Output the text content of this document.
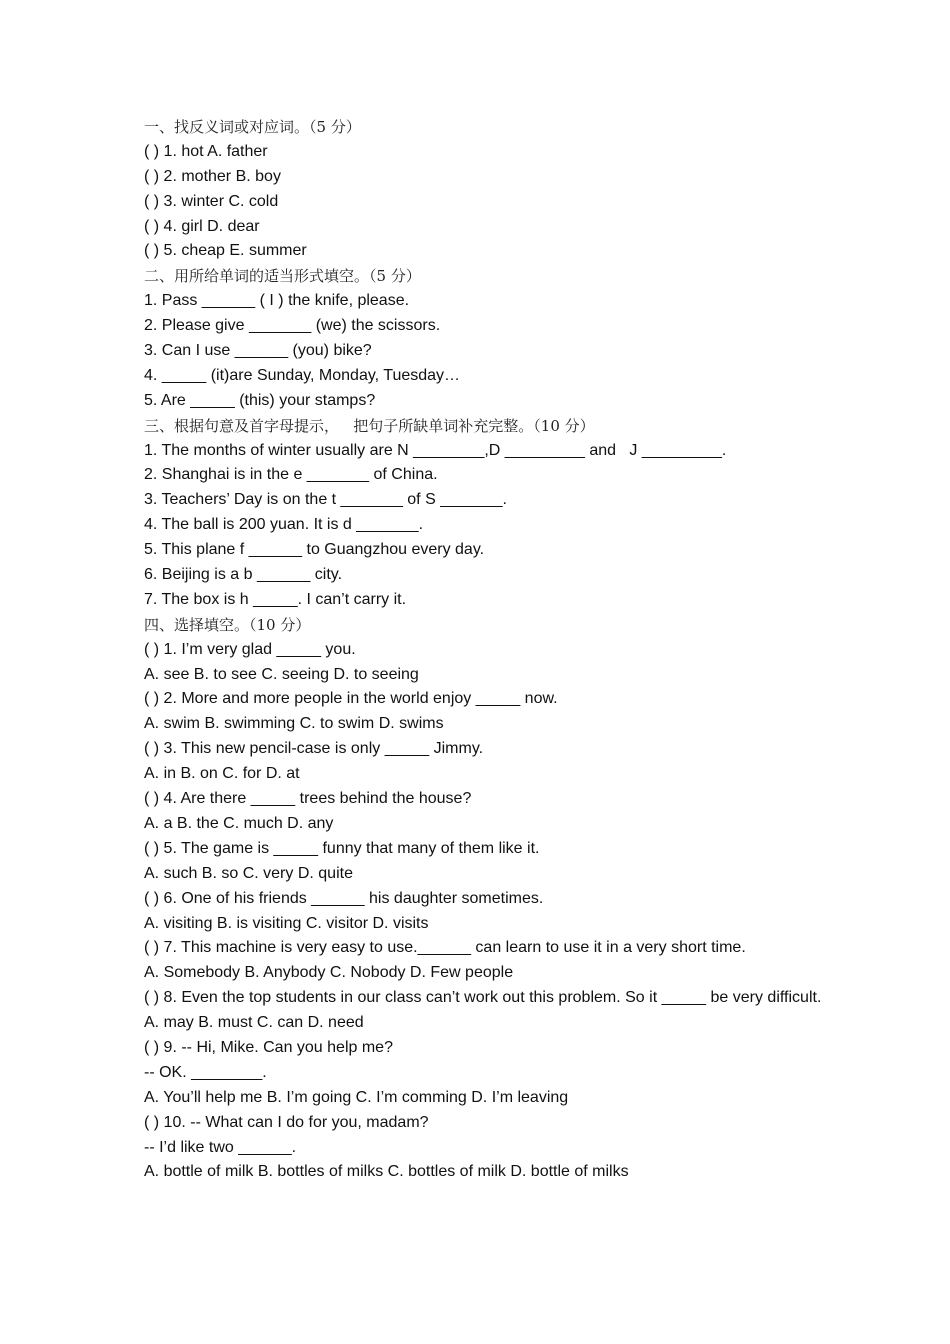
一、找反义词或对应词。（5 分）
( ) 1. hot A. father
( ) 2. mother B. boy
( ) 3. winter C. cold
( ) 4. girl D. dear
( ) 5. cheap E. summer
二、用所给单词的适当形式填空。（5 分）
1. Pass ______ ( I ) the knife, please.
2. Please give _______ (we) the scissors.
3. Can I use ______ (you) bike?
4. _____ (it)are Sunday, Monday, Tuesday…
5. Are _____ (this) your stamps?
三、根据句意及首字母提示，   把句子所缺单词补充完整。（10 分）
1. The months of winter usually are N ________,D _________ and   J _________.
2. Shanghai is in the e _______ of China.
3. Teachers’ Day is on the t _______ of S _______.
4. The ball is 200 yuan. It is d _______.
5. This plane f ______ to Guangzhou every day.
6. Beijing is a b ______ city.
7. The box is h _____. I can’t carry it.
四、选择填空。（10 分）
( ) 1. I’m very glad _____ you.
A. see B. to see C. seeing D. to seeing
( ) 2. More and more people in the world enjoy _____ now.
A. swim B. swimming C. to swim D. swims
( ) 3. This new pencil-case is only _____ Jimmy.
A. in B. on C. for D. at
( ) 4. Are there _____ trees behind the house?
A. a B. the C. much D. any
( ) 5. The game is _____ funny that many of them like it.
A. such B. so C. very D. quite
( ) 6. One of his friends ______ his daughter sometimes.
A. visiting B. is visiting C. visitor D. visits
( ) 7. This machine is very easy to use.______ can learn to use it in a very short time.
A. Somebody B. Anybody C. Nobody D. Few people
( ) 8. Even the top students in our class can’t work out this problem. So it _____ be very difficult.
A. may B. must C. can D. need
( ) 9. -- Hi, Mike. Can you help me?
-- OK. ________.
A. You’ll help me B. I’m going C. I’m comming D. I’m leaving
( ) 10. -- What can I do for you, madam?
-- I’d like two ______.
A. bottle of milk B. bottles of milks C. bottles of milk D. bottle of milks
